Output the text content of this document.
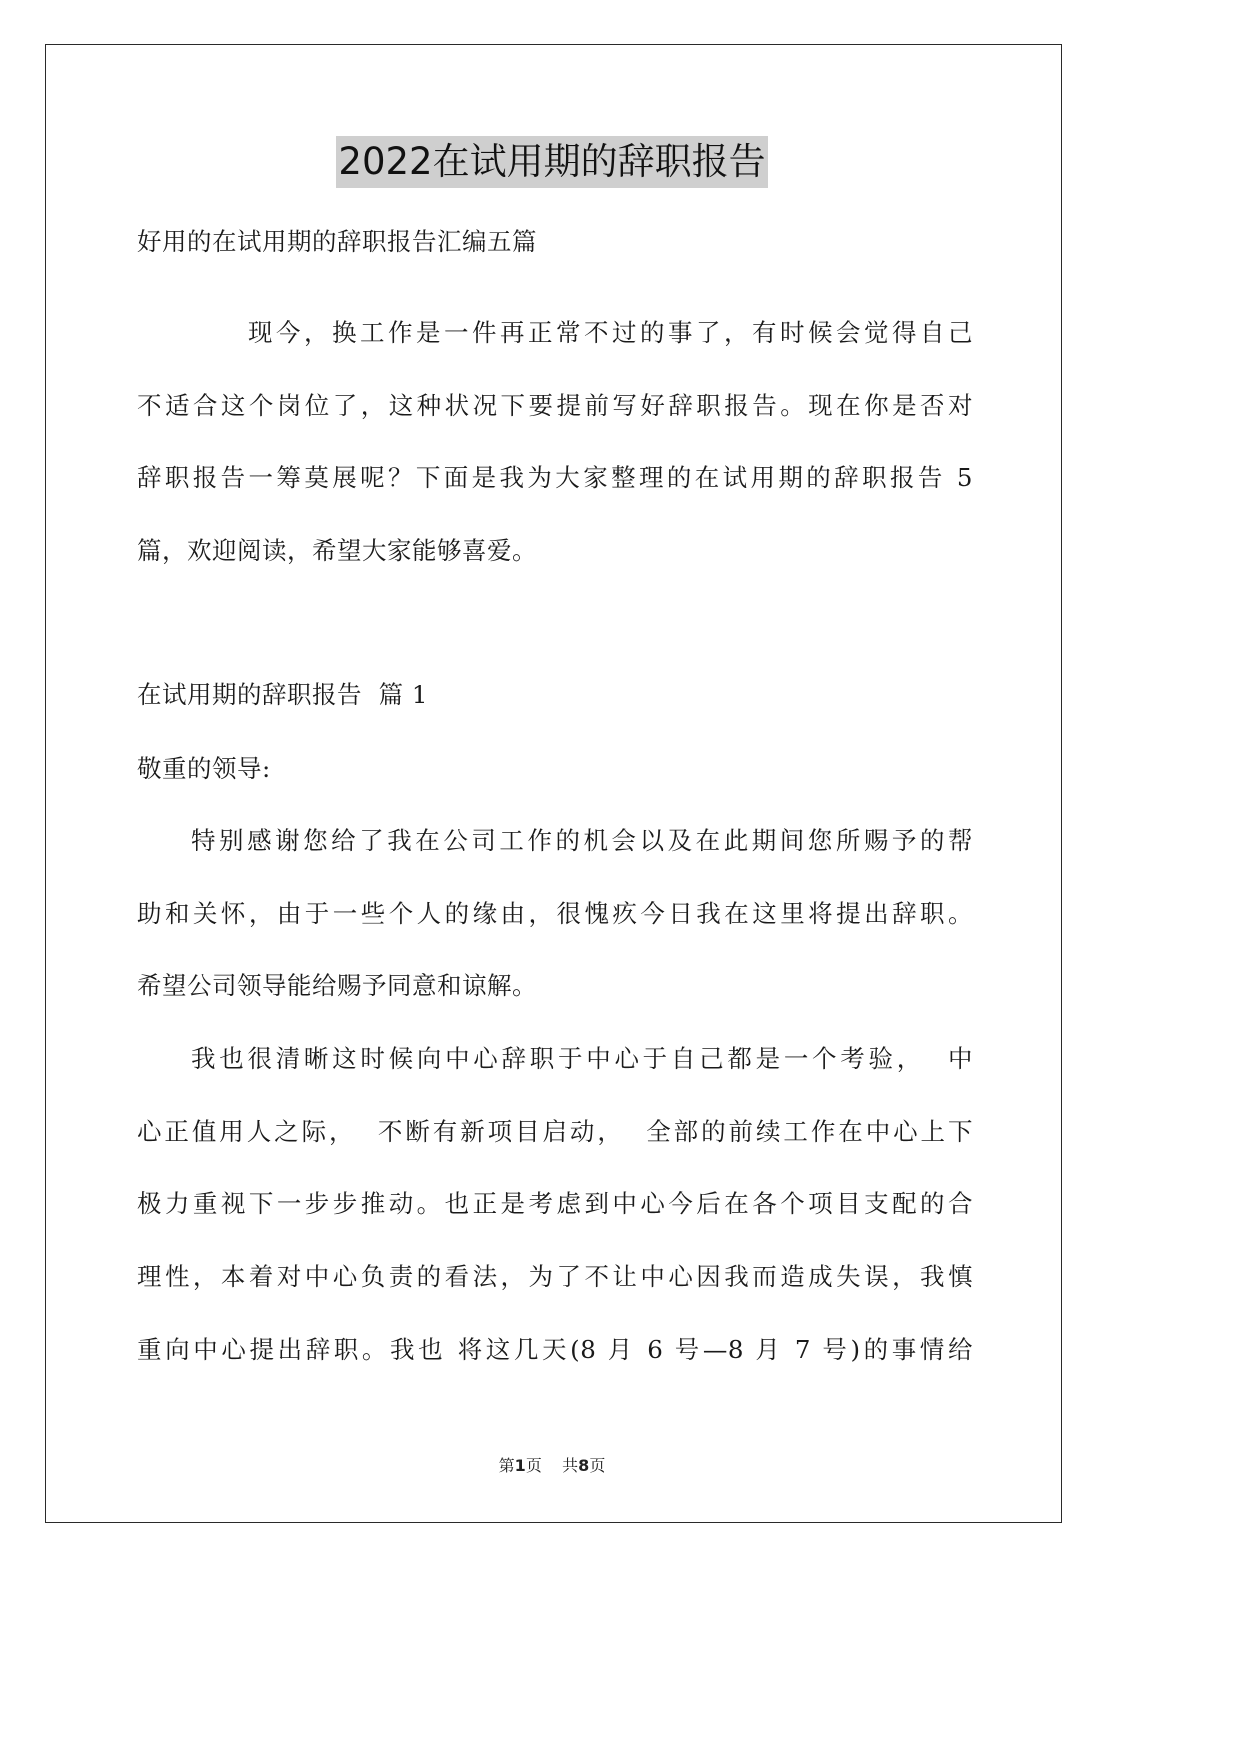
2022在试用期的辞职报告
好用的在试用期的辞职报告汇编五篇
现今，换工作是一件再正常不过的事了，有时候会觉得自己
不适合这个岗位了，这种状况下要提前写好辞职报告。现在你是否对
辞职报告一筹莫展呢？下面是我为大家整理的在试用期的辞职报告 5
篇，欢迎阅读，希望大家能够喜爱。
在试用期的辞职报告  篇 1
敬重的领导:
特别感谢您给了我在公司工作的机会以及在此期间您所赐予的帮
助和关怀，由于一些个人的缘由，很愧疚今日我在这里将提出辞职。
希望公司领导能给赐予同意和谅解。
我也很清晰这时候向中心辞职于中心于自己都是一个考验，  中
心正值用人之际，  不断有新项目启动，  全部的前续工作在中心上下
极力重视下一步步推动。也正是考虑到中心今后在各个项目支配的合
理性，本着对中心负责的看法，为了不让中心因我而造成失误，我慎
重向中心提出辞职。我也 将这几天(8 月 6 号—8 月 7 号)的事情给
第1页    共8页
